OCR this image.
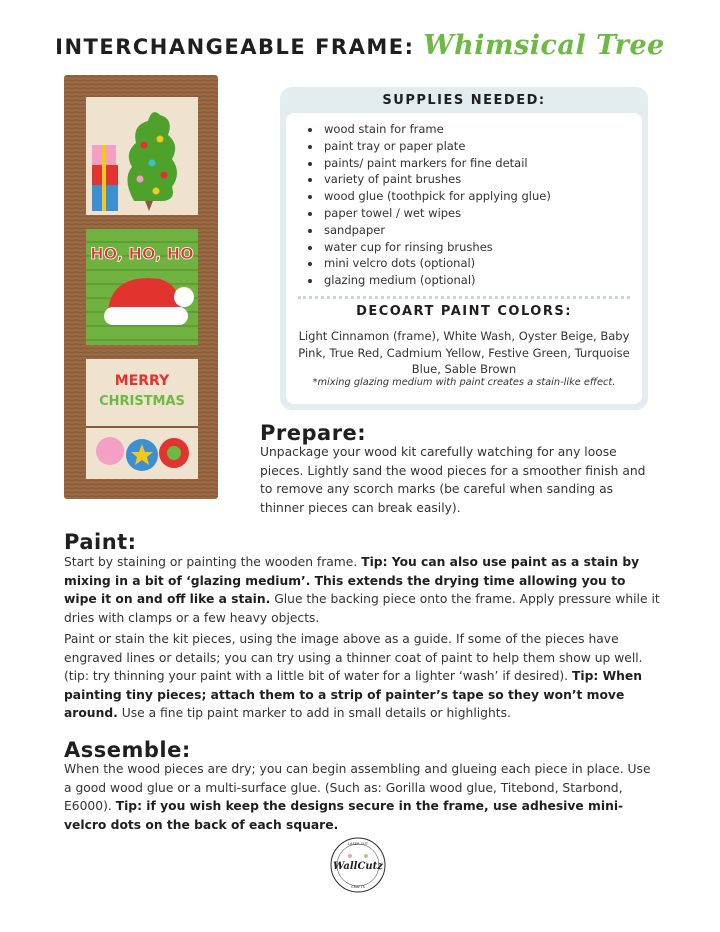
INTERCHANGEABLE FRAME: Whimsical Tree
HO, HO, HO
MERRY
CHRISTMAS
SUPPLIES NEEDED:
• wood stain for frame
• paint tray or paper plate
• paints/ paint markers for fine detail
• variety of paint brushes
• wood glue (toothpick for applying glue)
• paper towel / wet wipes
• sandpaper
• water cup for rinsing brushes
• mini velcro dots (optional)
• glazing medium (optional)
DECOART PAINT COLORS:
Light Cinnamon (frame), White Wash, Oyster Beige, Baby Pink, True Red, Cadmium Yellow, Festive Green, Turquoise Blue, Sable Brown
*mixing glazing medium with paint creates a stain-like effect.
Prepare:
Unpackage your wood kit carefully watching for any loose pieces. Lightly sand the wood pieces for a smoother finish and to remove any scorch marks (be careful when sanding as thinner pieces can break easily).
Paint:
Start by staining or painting the wooden frame. Tip: You can also use paint as a stain by mixing in a bit of ‘glazing medium’. This extends the drying time allowing you to wipe it on and off like a stain. Glue the backing piece onto the frame. Apply pressure while it dries with clamps or a few heavy objects.
Paint or stain the kit pieces, using the image above as a guide. If some of the pieces have engraved lines or details; you can try using a thinner coat of paint to help them show up well. (tip: try thinning your paint with a little bit of water for a lighter ‘wash’ if desired). Tip: When painting tiny pieces; attach them to a strip of painter’s tape so they won’t move around. Use a fine tip paint marker to add in small details or highlights.
Assemble:
When the wood pieces are dry; you can begin assembling and glueing each piece in place. Use a good wood glue or a multi-surface glue. (Such as: Gorilla wood glue, Titebond, Starbond, E6000). Tip: if you wish keep the designs secure in the frame, use adhesive mini-velcro dots on the back of each square.
LASER CUT
WallCutz
CRAFTS
